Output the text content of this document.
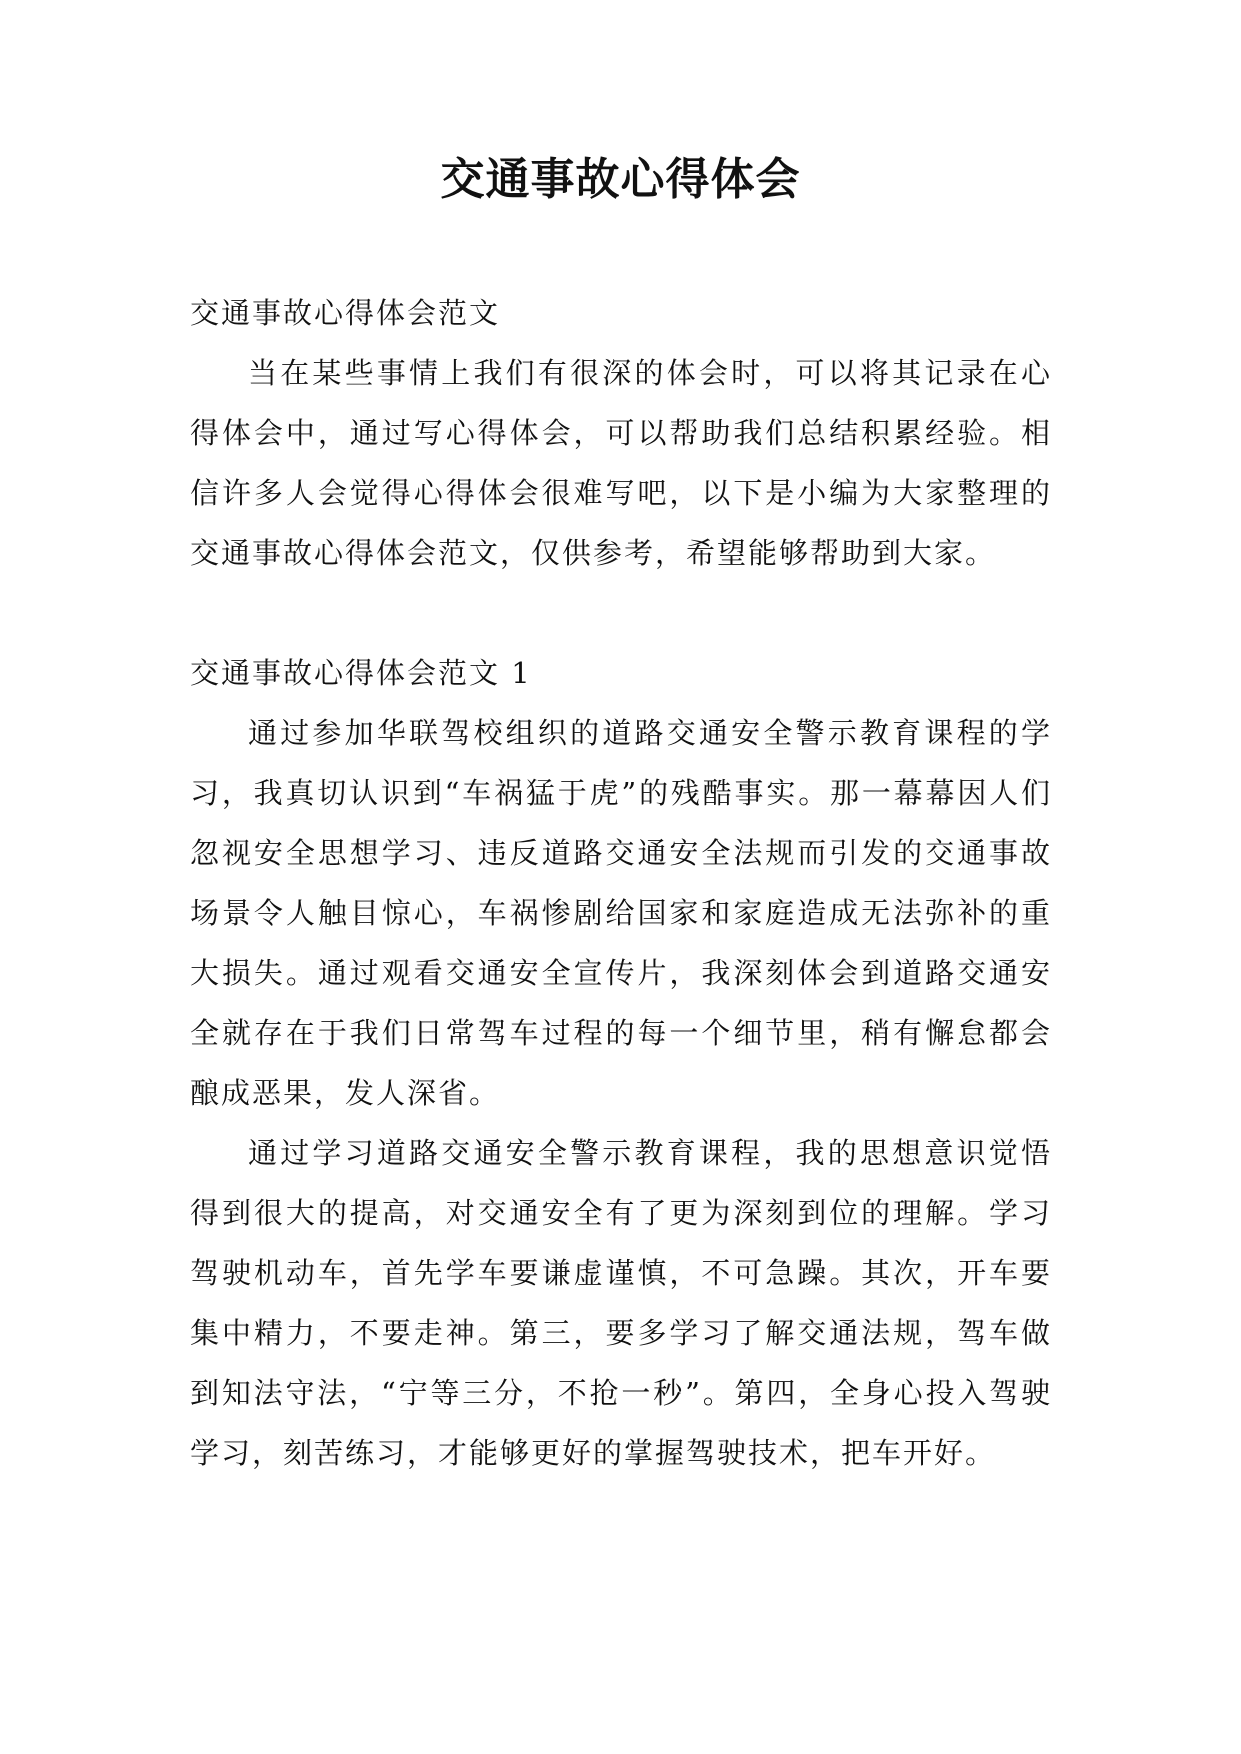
交通事故心得体会

交通事故心得体会范文

当在某些事情上我们有很深的体会时，可以将其记录在心得体会中，通过写心得体会，可以帮助我们总结积累经验。相信许多人会觉得心得体会很难写吧，以下是小编为大家整理的交通事故心得体会范文，仅供参考，希望能够帮助到大家。

交通事故心得体会范文 1

通过参加华联驾校组织的道路交通安全警示教育课程的学习，我真切认识到“车祸猛于虎”的残酷事实。那一幕幕因人们忽视安全思想学习、违反道路交通安全法规而引发的交通事故场景令人触目惊心，车祸惨剧给国家和家庭造成无法弥补的重大损失。通过观看交通安全宣传片，我深刻体会到道路交通安全就存在于我们日常驾车过程的每一个细节里，稍有懈怠都会酿成恶果，发人深省。

通过学习道路交通安全警示教育课程，我的思想意识觉悟得到很大的提高，对交通安全有了更为深刻到位的理解。学习驾驶机动车，首先学车要谦虚谨慎，不可急躁。其次，开车要集中精力，不要走神。第三，要多学习了解交通法规，驾车做到知法守法，“宁等三分，不抢一秒”。第四，全身心投入驾驶学习，刻苦练习，才能够更好的掌握驾驶技术，把车开好。
